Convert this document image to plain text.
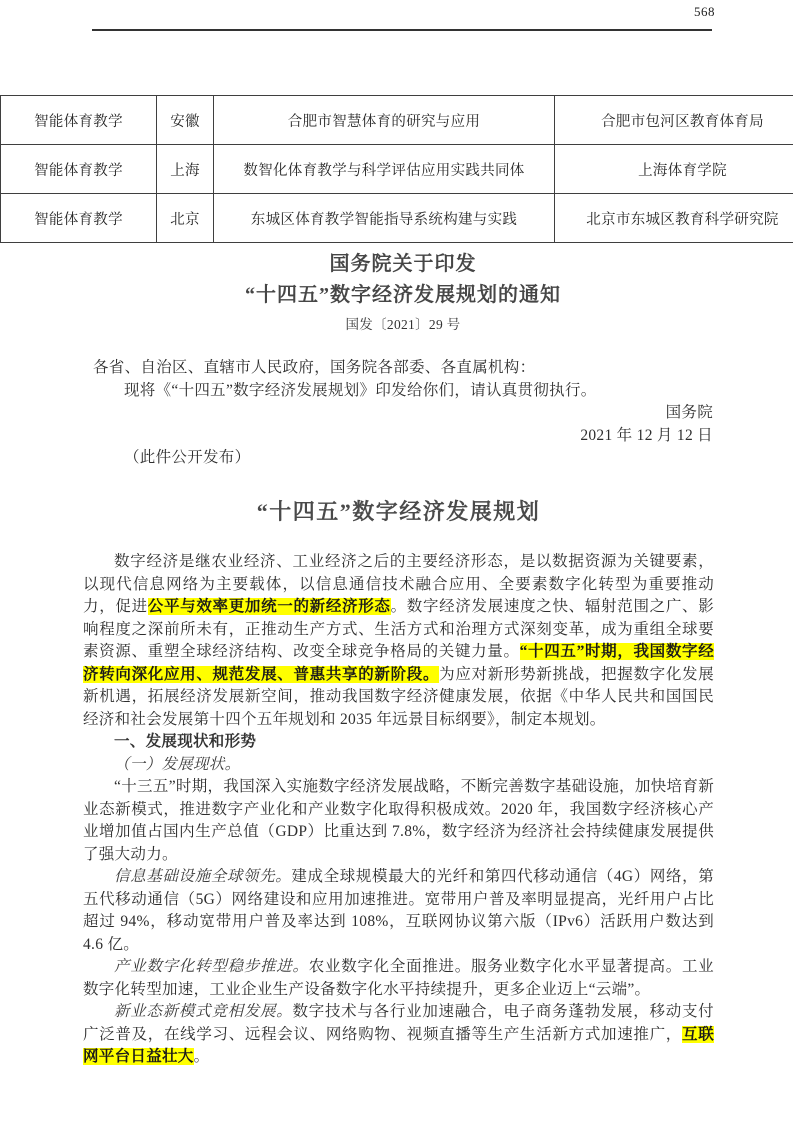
568
智能体育教学	安徽	合肥市智慧体育的研究与应用	合肥市包河区教育体育局
智能体育教学	上海	数智化体育教学与科学评估应用实践共同体	上海体育学院
智能体育教学	北京	东城区体育教学智能指导系统构建与实践	北京市东城区教育科学研究院
国务院关于印发
“十四五”数字经济发展规划的通知
国发〔2021〕29 号
各省、自治区、直辖市人民政府，国务院各部委、各直属机构：
现将《“十四五”数字经济发展规划》印发给你们，请认真贯彻执行。
国务院
2021 年 12 月 12 日
（此件公开发布）
“十四五”数字经济发展规划

数字经济是继农业经济、工业经济之后的主要经济形态，是以数据资源为关键要素，以现代信息网络为主要载体，以信息通信技术融合应用、全要素数字化转型为重要推动力，促进公平与效率更加统一的新经济形态。数字经济发展速度之快、辐射范围之广、影响程度之深前所未有，正推动生产方式、生活方式和治理方式深刻变革，成为重组全球要素资源、重塑全球经济结构、改变全球竞争格局的关键力量。“十四五”时期，我国数字经济转向深化应用、规范发展、普惠共享的新阶段。为应对新形势新挑战，把握数字化发展新机遇，拓展经济发展新空间，推动我国数字经济健康发展，依据《中华人民共和国国民经济和社会发展第十四个五年规划和 2035 年远景目标纲要》，制定本规划。

一、发展现状和形势

（一）发展现状。

“十三五”时期，我国深入实施数字经济发展战略，不断完善数字基础设施，加快培育新业态新模式，推进数字产业化和产业数字化取得积极成效。2020 年，我国数字经济核心产业增加值占国内生产总值（GDP）比重达到 7.8%，数字经济为经济社会持续健康发展提供了强大动力。

信息基础设施全球领先。建成全球规模最大的光纤和第四代移动通信（4G）网络，第五代移动通信（5G）网络建设和应用加速推进。宽带用户普及率明显提高，光纤用户占比超过 94%，移动宽带用户普及率达到 108%，互联网协议第六版（IPv6）活跃用户数达到 4.6 亿。

产业数字化转型稳步推进。农业数字化全面推进。服务业数字化水平显著提高。工业数字化转型加速，工业企业生产设备数字化水平持续提升，更多企业迈上“云端”。

新业态新模式竞相发展。数字技术与各行业加速融合，电子商务蓬勃发展，移动支付广泛普及，在线学习、远程会议、网络购物、视频直播等生产生活新方式加速推广，互联网平台日益壮大。
